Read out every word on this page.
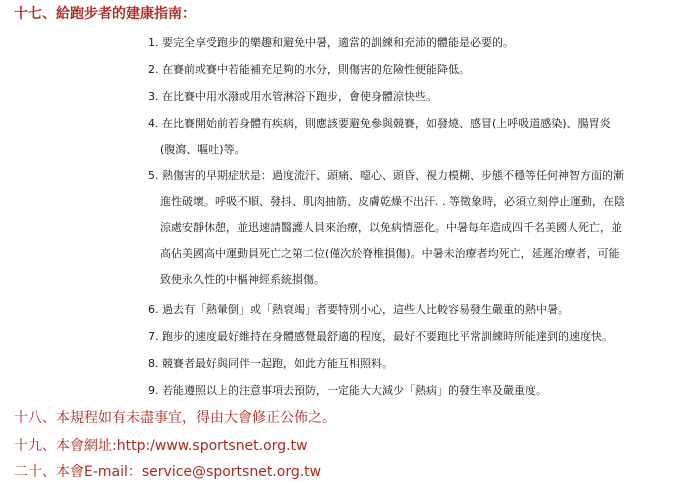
十七、給跑步者的建康指南：
1. 要完全享受跑步的樂趣和避免中暑，適當的訓練和充沛的體能是必要的。
2. 在賽前或賽中若能補充足夠的水分，則傷害的危險性便能降低。
3. 在比賽中用水潑或用水管淋浴下跑步，會使身體涼快些。
4. 在比賽開始前若身體有疾病，則應該要避免參與競賽，如發燒、感冒(上呼吸道感染)、腸胃炎
(腹瀉、嘔吐)等。
5. 熱傷害的早期症狀是：過度流汗、頭痛、噁心、頭昏、視力模糊、步態不穩等任何神智方面的漸
進性破壞。呼吸不順、發抖、肌肉抽筋、皮膚乾燥不出汗. . 等徵象時，必須立刻停止運動，在陰
涼處安靜休憩，並迅速請醫護人員來治療，以免病情惡化。中暑每年造成四千名美國人死亡，並
高佔美國高中運動員死亡之第二位(僅次於脊椎損傷)。中暑未治療者均死亡，延遲治療者，可能
致使永久性的中樞神經系統損傷。
6. 過去有「熱暈倒」或「熱衰竭」者要特別小心，這些人比較容易發生嚴重的熱中暑。
7. 跑步的速度最好維持在身體感覺最舒適的程度，最好不要跑比平常訓練時所能達到的速度快。
8. 競賽者最好與同伴一起跑，如此方能互相照料。
9. 若能遵照以上的注意事項去預防，一定能大大減少「熱病」的發生率及嚴重度。
十八、本規程如有未盡事宜，得由大會修正公佈之。
十九、本會網址:http:/www.sportsnet.org.tw
二十、本會E-mail：service@sportsnet.org.tw
